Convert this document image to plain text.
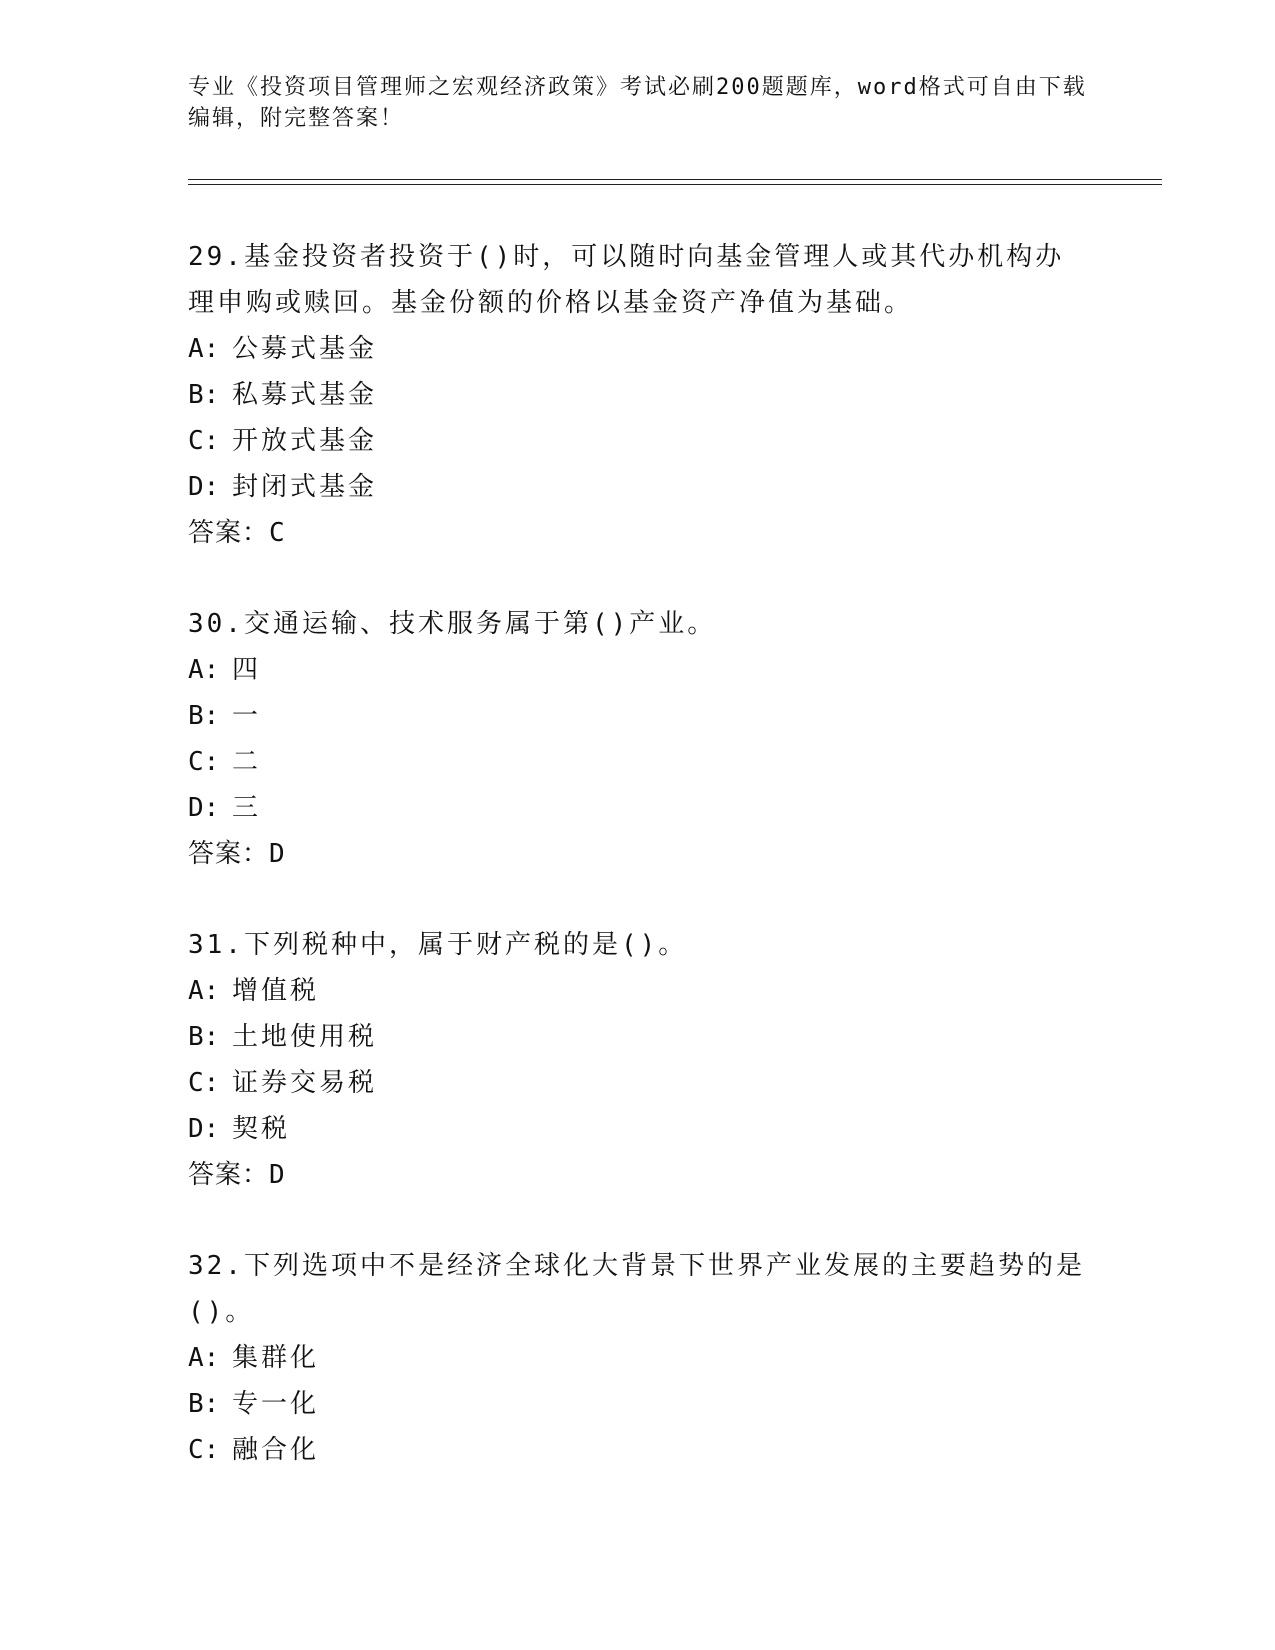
专业《投资项目管理师之宏观经济政策》考试必刷200题题库，word格式可自由下载编辑，附完整答案！

29.基金投资者投资于()时，可以随时向基金管理人或其代办机构办理申购或赎回。基金份额的价格以基金资产净值为基础。

A: 公募式基金

B: 私募式基金

C: 开放式基金

D: 封闭式基金

答案：C

30.交通运输、技术服务属于第()产业。

A: 四

B: 一

C: 二

D: 三

答案：D

31.下列税种中，属于财产税的是()。

A: 增值税

B: 土地使用税

C: 证券交易税

D: 契税

答案：D

32.下列选项中不是经济全球化大背景下世界产业发展的主要趋势的是()。

A: 集群化

B: 专一化

C: 融合化
